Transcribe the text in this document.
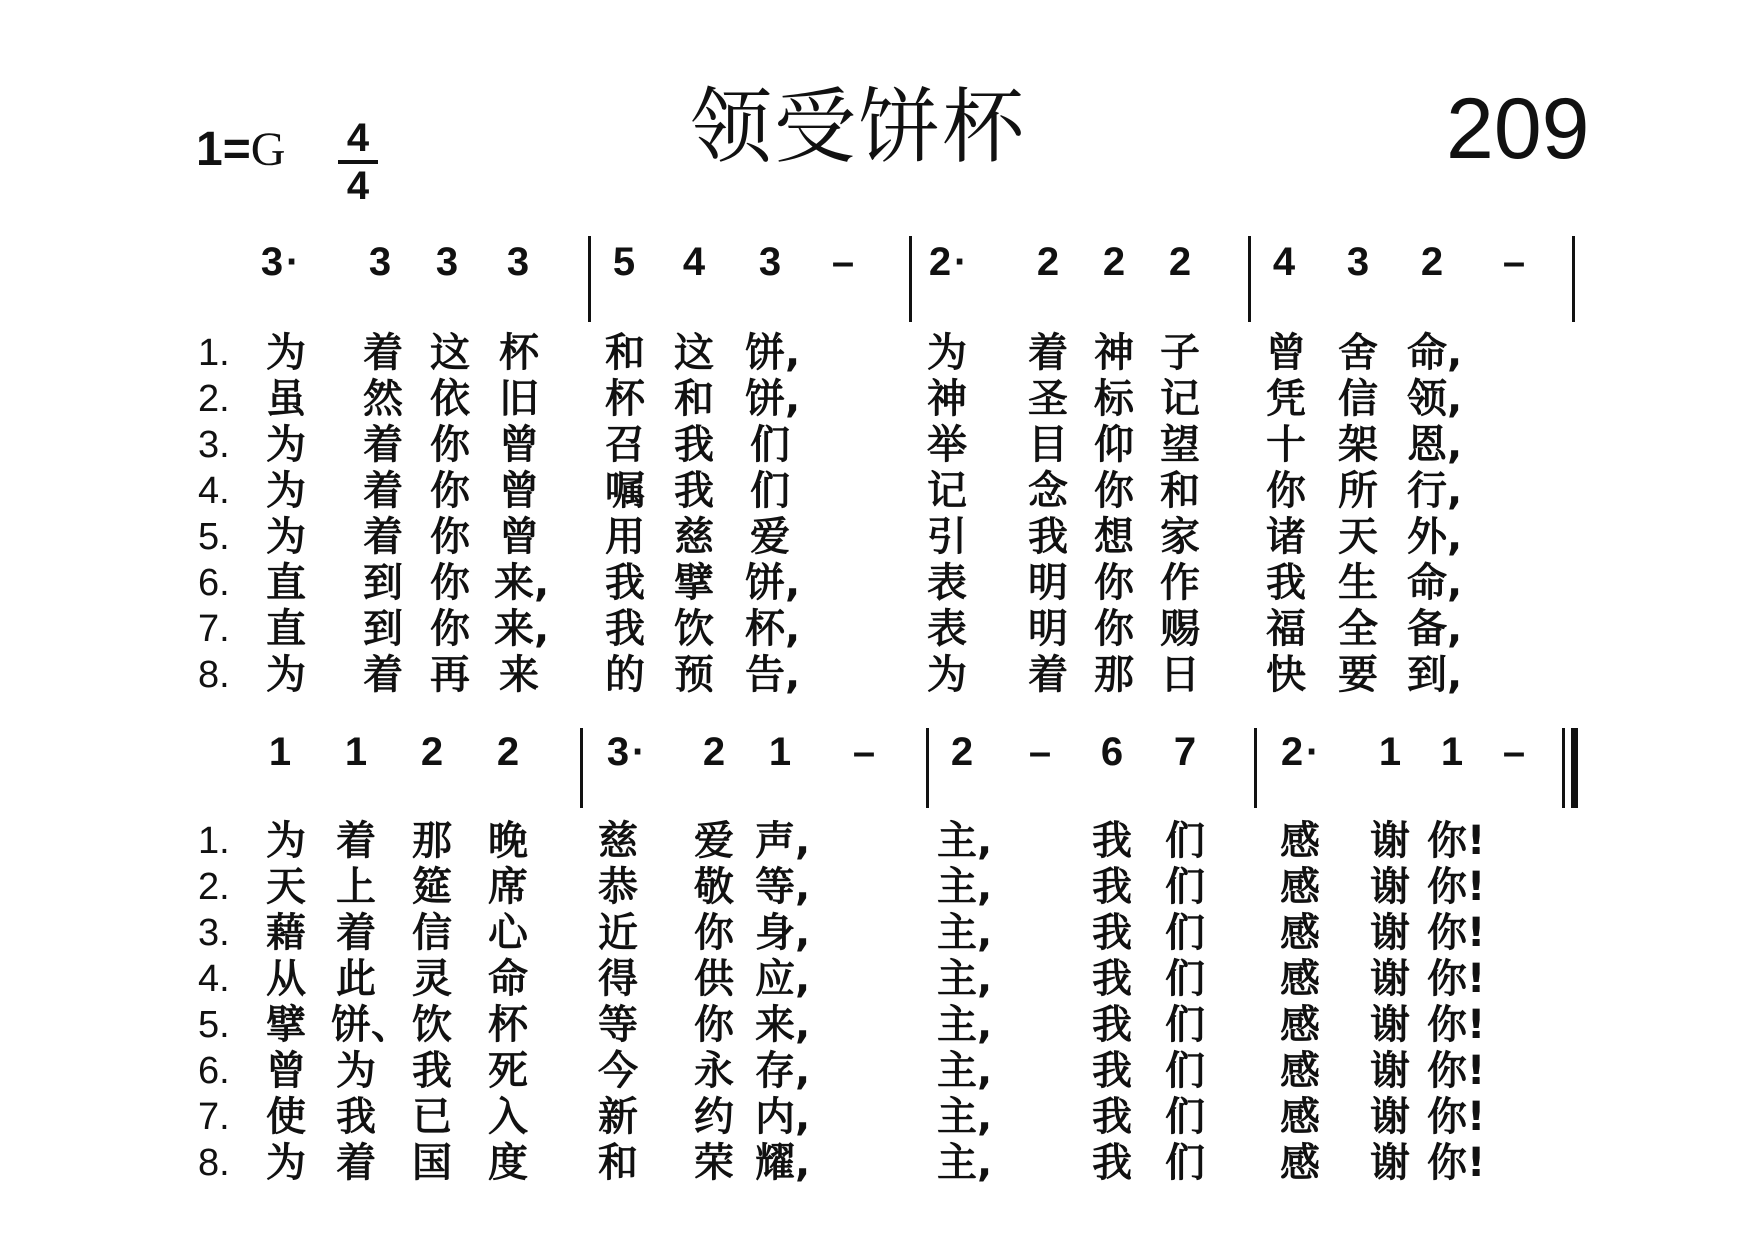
领受饼杯	209
1=G 4
4
3 · 3 3 3 5 4 3 – 2 · 2 2 2 4 3 2 –
1. 为 着 这 杯 和 这 饼,	为 着 神 子 曾 舍 命,
2. 虽 然 依 旧 杯 和 饼,	神 圣 标 记 凭 信 领,
3. 为 着 你 曾 召 我 们	举 目 仰 望 十 架 恩,
4. 为 着 你 曾 嘱 我 们	记 念 你 和 你 所 行,
5. 为 着 你 曾 用 慈 爱	引 我 想 家 诸 天 外,
6. 直 到 你 来, 我 擘 饼,	表 明 你 作 我 生 命,
7. 直 到 你 来, 我 饮 杯,	表 明 你 赐 福 全 备,
8. 为 着 再 来 的 预 告,	为 着 那 日 快 要 到,
1 1 2 2 3 · 2 1 – 2 – 6 7 2 · 1 1 –
1. 为 着 那 晚 慈 爱 声,	主, 我 们 感 谢 你!
2. 天 上 筵 席 恭 敬 等,	主, 我 们 感 谢 你!
3. 藉 着 信 心 近 你 身,	主, 我 们 感 谢 你!
4. 从 此 灵 命 得 供 应,	主, 我 们 感 谢 你!
5. 擘 饼、 饮 杯 等 你 来,	主, 我 们 感 谢 你!
6. 曾 为 我 死 今 永 存,	主, 我 们 感 谢 你!
7. 使 我 已 入 新 约 内,	主, 我 们 感 谢 你!
8. 为 着 国 度 和 荣 耀,	主, 我 们 感 谢 你!
